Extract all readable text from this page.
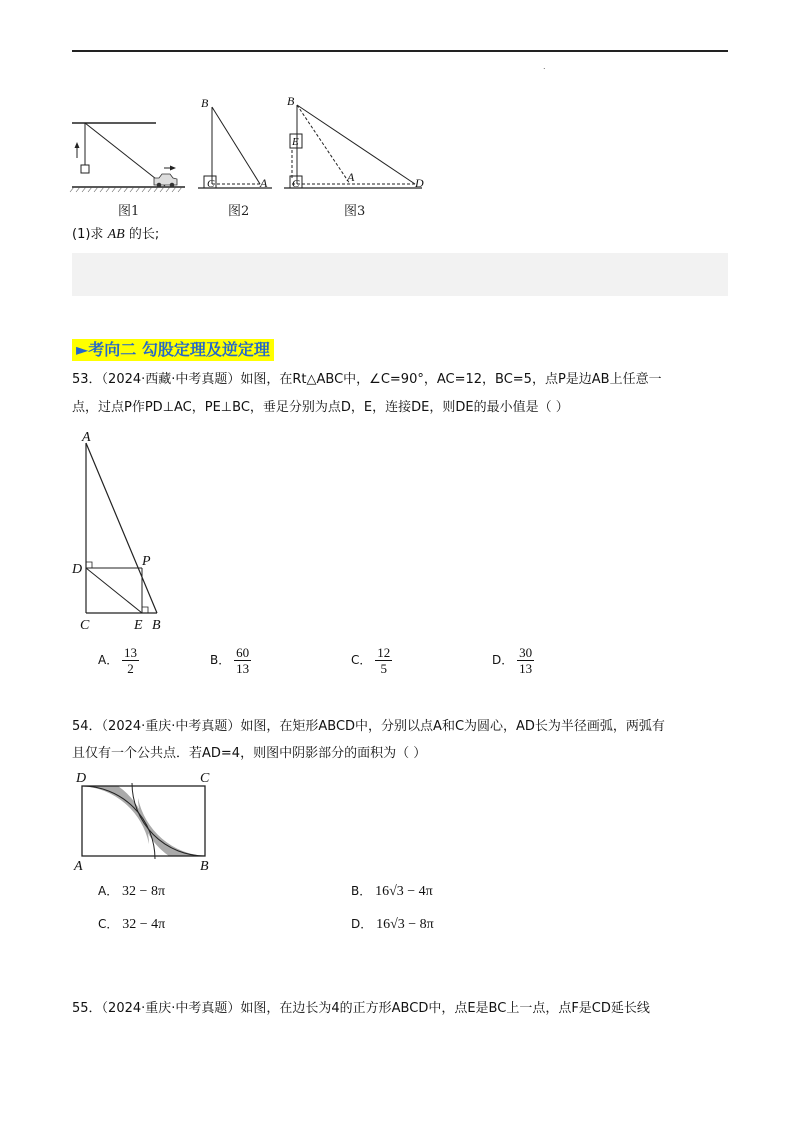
.
B
C	A
B
E
C	A	D
图1	图2	图3
(1)求 AB 的长;
►考向二 勾股定理及逆定理
53．（2024·西藏·中考真题）如图，在Rt△ABC中，∠C=90°，AC=12，BC=5，点P是边AB上任意一
点，过点P作PD⊥AC，PE⊥BC，垂足分别为点D，E，连接DE，则DE的最小值是（ ）
A
D
P
C	E B
A． $\frac{13}{2}$	B． $\frac{60}{13}$	C． $\frac{12}{5}$	D． $\frac{30}{13}$
54．（2024·重庆·中考真题）如图，在矩形ABCD中，分别以点A和C为圆心，AD长为半径画弧，两弧有
且仅有一个公共点．若AD=4，则图中阴影部分的面积为（ ）
D	C
A	B
A． 32 − 8π	B． 16√3 − 4π
C． 32 − 4π	D． 16√3 − 8π
55．（2024·重庆·中考真题）如图，在边长为4的正方形ABCD中，点E是BC上一点，点F是CD延长线
